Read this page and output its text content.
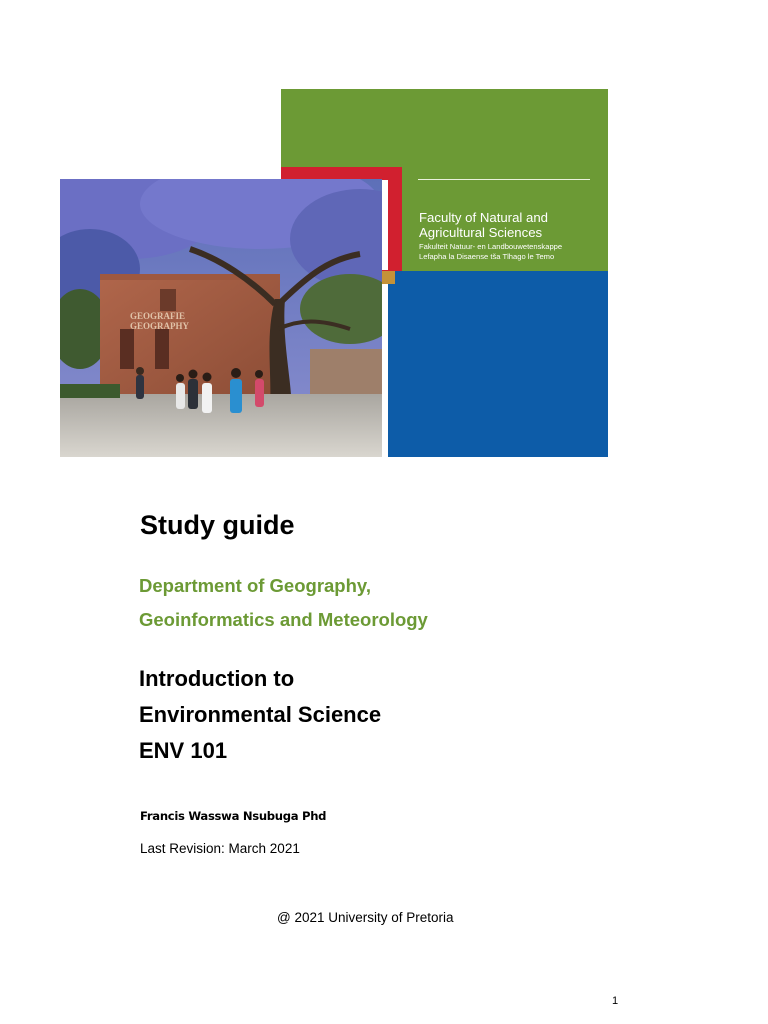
Faculty of Natural and Agricultural Sciences
Fakulteit Natuur- en Landbouwetenskappe
Lefapha la Disaense tša Tlhago le Temo
GEOGRAFIE
GEOGRAPHY
Study guide
Department of Geography,
Geoinformatics and Meteorology
Introduction to
Environmental Science
ENV 101
Francis Wasswa Nsubuga Phd
Last Revision: March 2021
@ 2021 University of Pretoria
1
